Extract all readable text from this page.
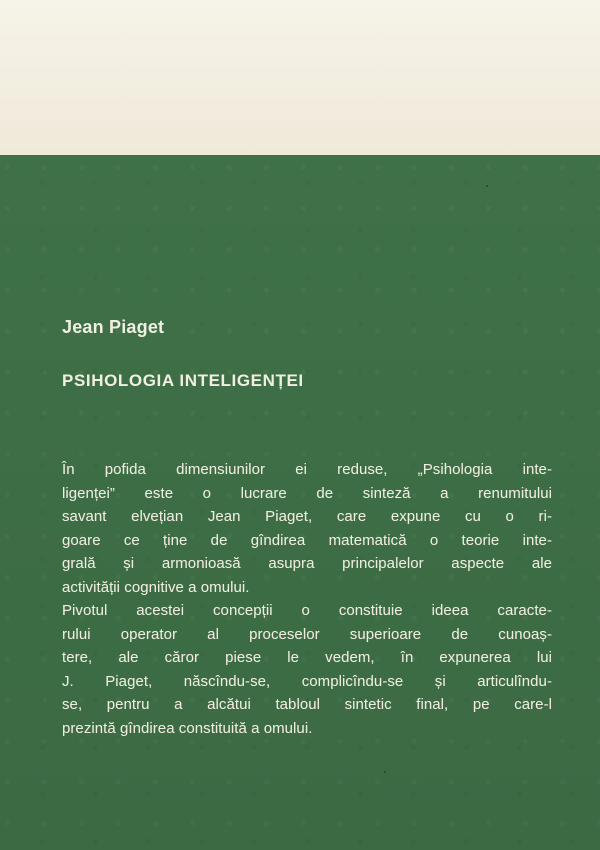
Jean Piaget
PSIHOLOGIA INTELIGENȚEI

În pofida dimensiunilor ei reduse, „Psihologia inte-

ligenței” este o lucrare de sinteză a renumitului

savant elvețian Jean Piaget, care expune cu o ri-

goare ce ține de gîndirea matematică o teorie inte-

grală și armonioasă asupra principalelor aspecte ale

activității cognitive a omului.

Pivotul acestei concepții o constituie ideea caracte-

rului operator al proceselor superioare de cunoaș-

tere, ale căror piese le vedem, în expunerea lui

J. Piaget, născîndu-se, complicîndu-se și articulîndu-

se, pentru a alcătui tabloul sintetic final, pe care-l

prezintă gîndirea constituită a omului.
